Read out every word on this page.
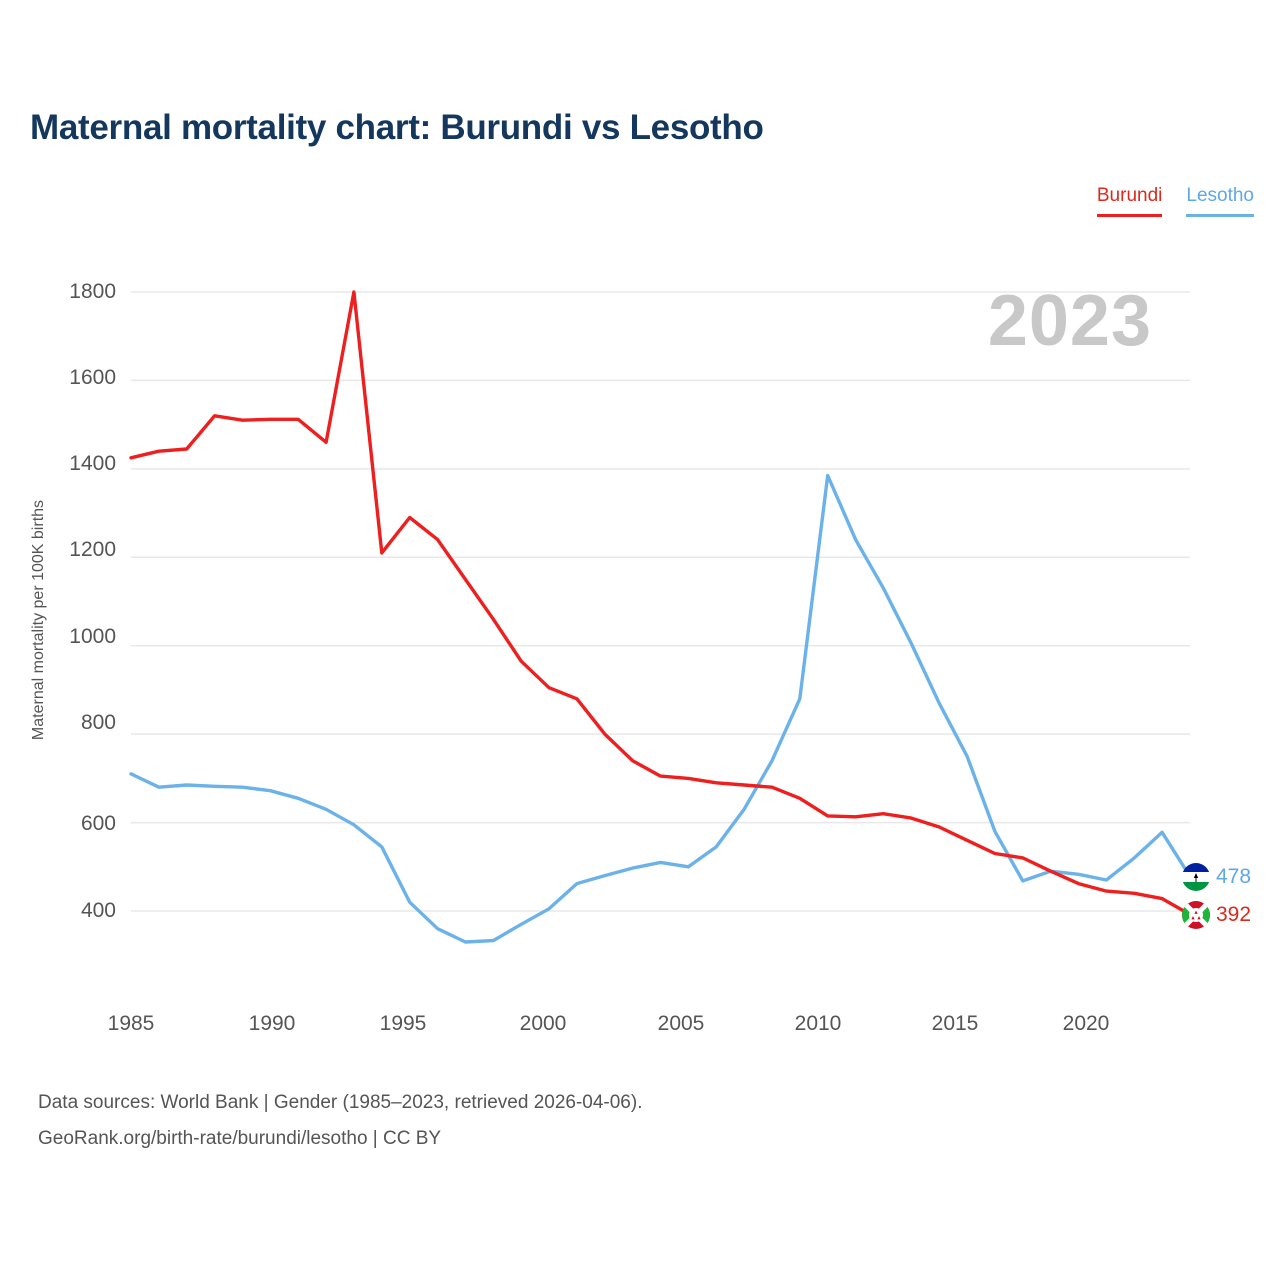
Maternal mortality chart: Burundi vs Lesotho
Burundi Lesotho
2023
Maternal mortality per 100K births
1800
1600
1400
1200
1000
800
600
400
1985	1990	1995	2000	2005	2010	2015	2020
478
392
Data sources: World Bank | Gender (1985–2023, retrieved 2026-04-06).
GeoRank.org/birth-rate/burundi/lesotho | CC BY
